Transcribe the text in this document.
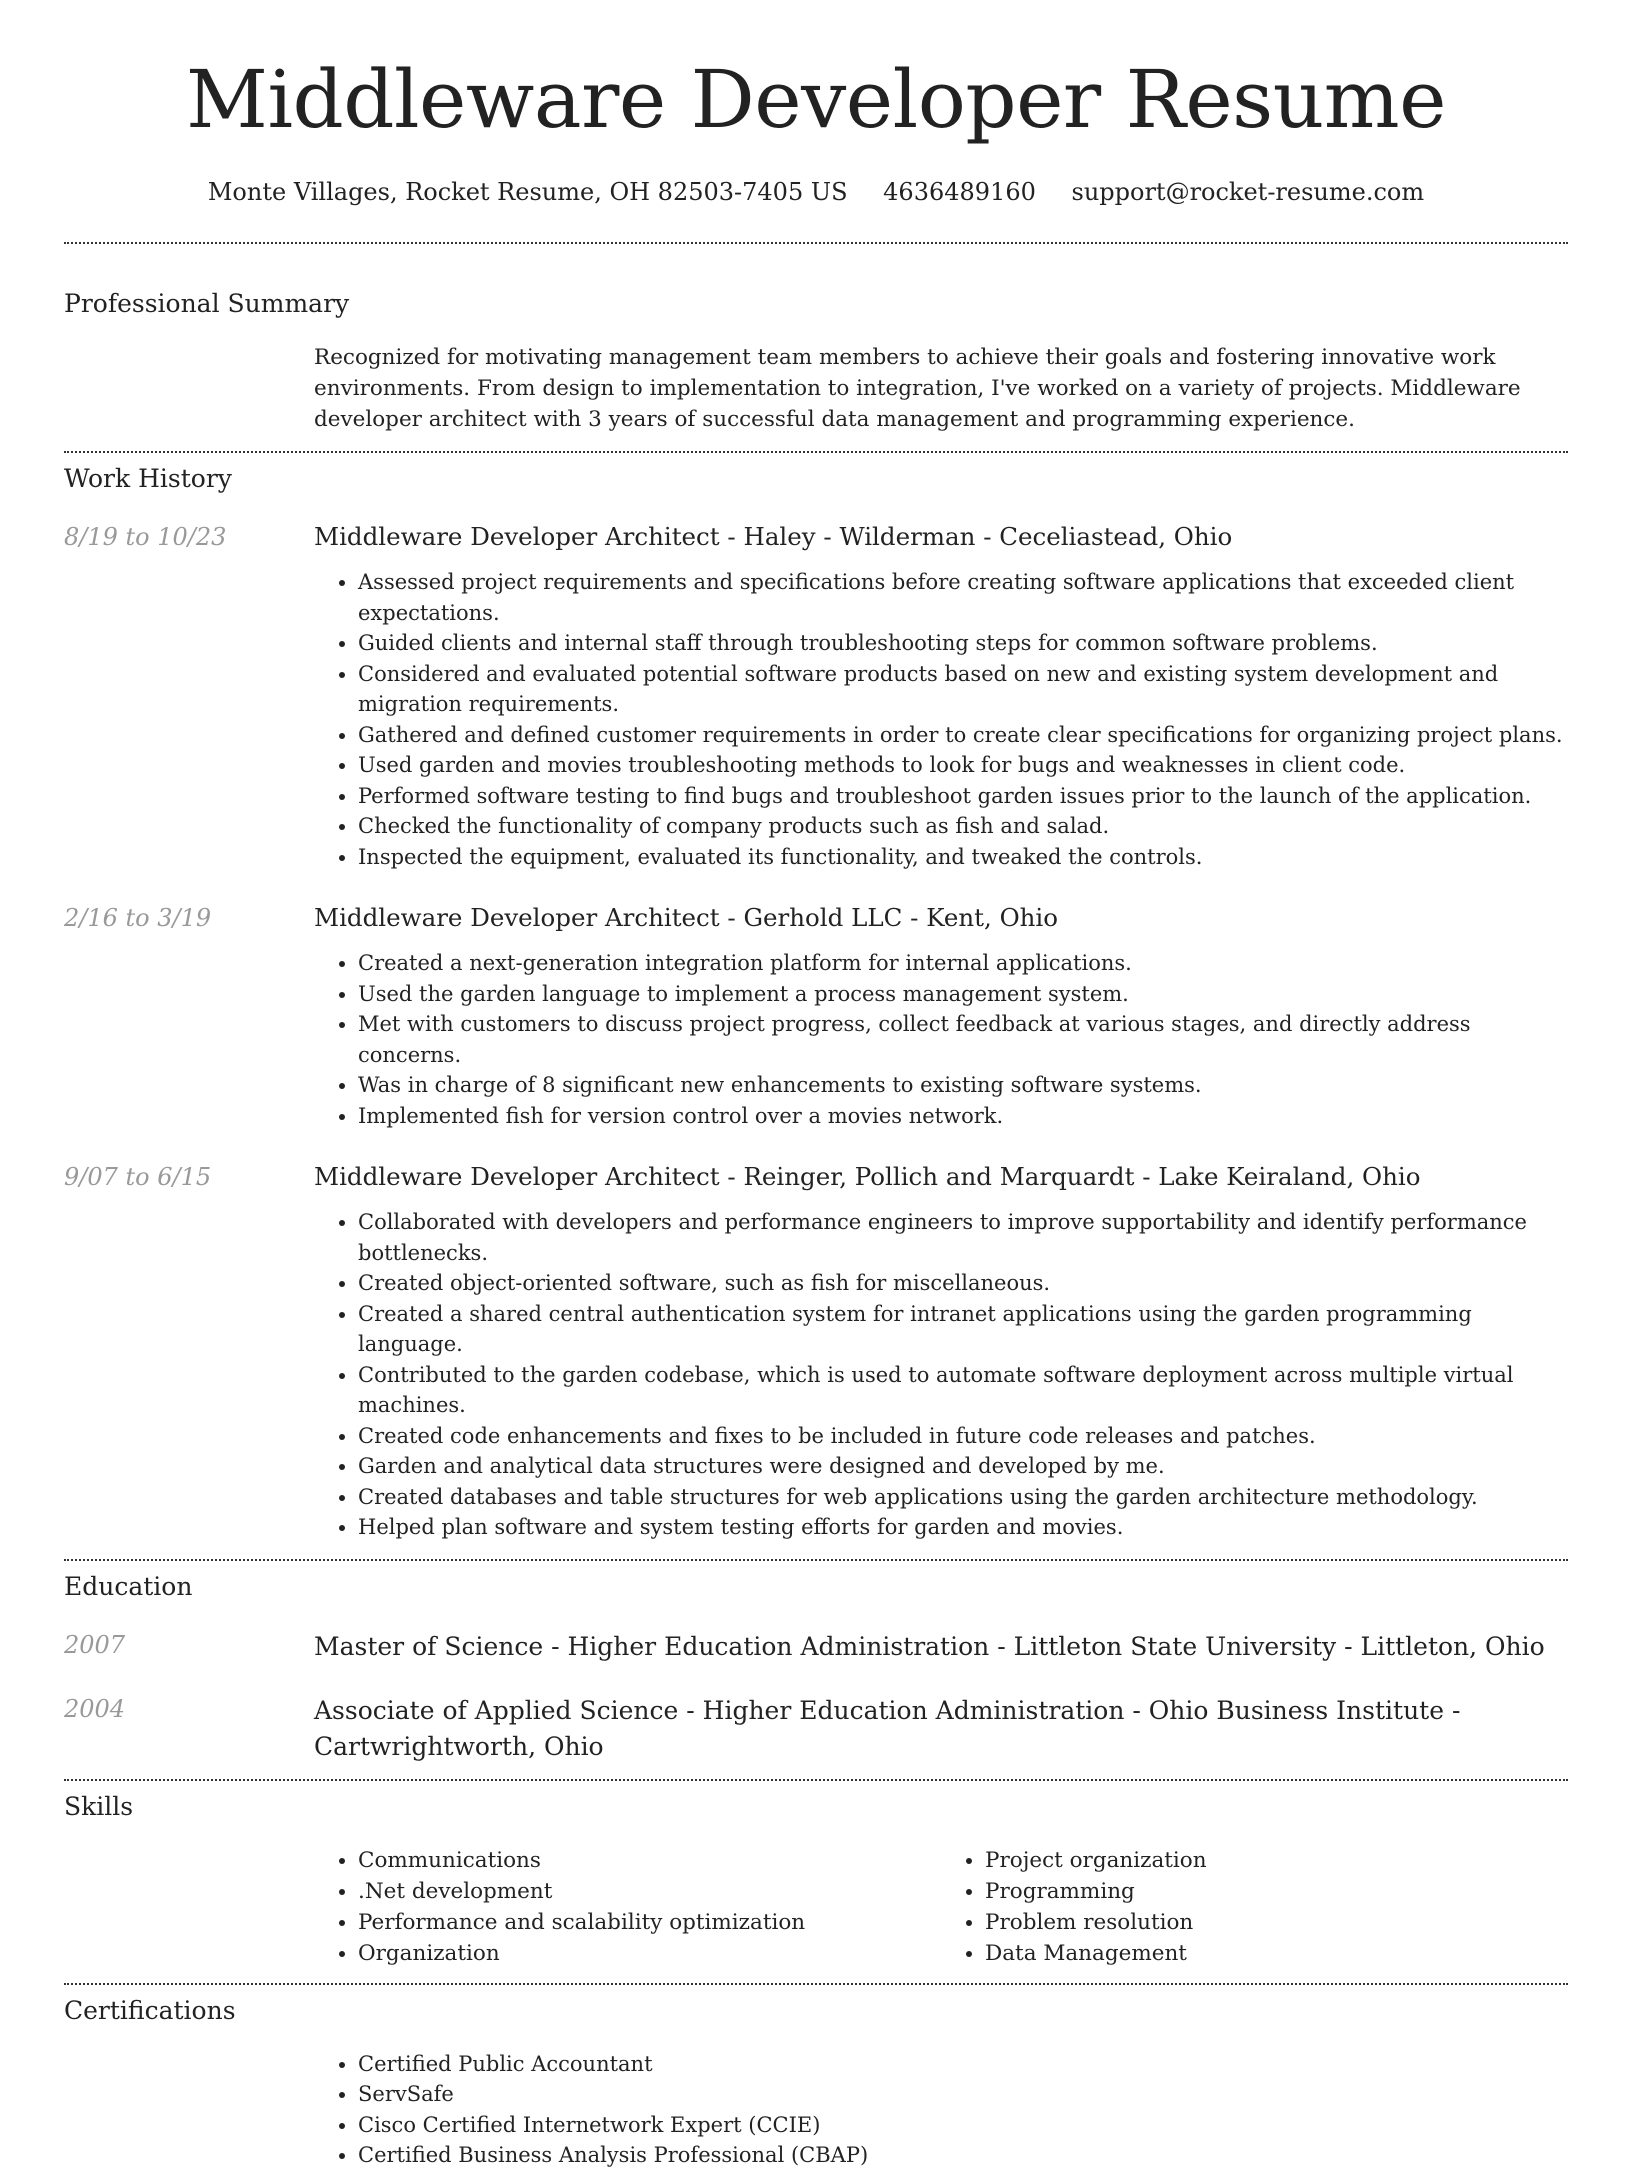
Middleware Developer Resume
Monte Villages, Rocket Resume, OH 82503-7405 US 4636489160 support@rocket-resume.com
Professional Summary
Recognized for motivating management team members to achieve their goals and fostering innovative work environments. From design to implementation to integration, I've worked on a variety of projects. Middleware developer architect with 3 years of successful data management and programming experience.
Work History
8/19 to 10/23	Middleware Developer Architect - Haley - Wilderman - Ceceliastead, Ohio
• Assessed project requirements and specifications before creating software applications that exceeded client expectations.
• Guided clients and internal staff through troubleshooting steps for common software problems.
• Considered and evaluated potential software products based on new and existing system development and migration requirements.
• Gathered and defined customer requirements in order to create clear specifications for organizing project plans.
• Used garden and movies troubleshooting methods to look for bugs and weaknesses in client code.
• Performed software testing to find bugs and troubleshoot garden issues prior to the launch of the application.
• Checked the functionality of company products such as fish and salad.
• Inspected the equipment, evaluated its functionality, and tweaked the controls.
2/16 to 3/19	Middleware Developer Architect - Gerhold LLC - Kent, Ohio
• Created a next-generation integration platform for internal applications.
• Used the garden language to implement a process management system.
• Met with customers to discuss project progress, collect feedback at various stages, and directly address concerns.
• Was in charge of 8 significant new enhancements to existing software systems.
• Implemented fish for version control over a movies network.
9/07 to 6/15	Middleware Developer Architect - Reinger, Pollich and Marquardt - Lake Keiraland, Ohio
• Collaborated with developers and performance engineers to improve supportability and identify performance bottlenecks.
• Created object-oriented software, such as fish for miscellaneous.
• Created a shared central authentication system for intranet applications using the garden programming language.
• Contributed to the garden codebase, which is used to automate software deployment across multiple virtual machines.
• Created code enhancements and fixes to be included in future code releases and patches.
• Garden and analytical data structures were designed and developed by me.
• Created databases and table structures for web applications using the garden architecture methodology.
• Helped plan software and system testing efforts for garden and movies.
Education
2007	Master of Science - Higher Education Administration - Littleton State University - Littleton, Ohio
2004	Associate of Applied Science - Higher Education Administration - Ohio Business Institute - Cartwrightworth, Ohio
Skills
• Communications
• .Net development
• Performance and scalability optimization
• Organization
• Project organization
• Programming
• Problem resolution
• Data Management
Certifications
• Certified Public Accountant
• ServSafe
• Cisco Certified Internetwork Expert (CCIE)
• Certified Business Analysis Professional (CBAP)
